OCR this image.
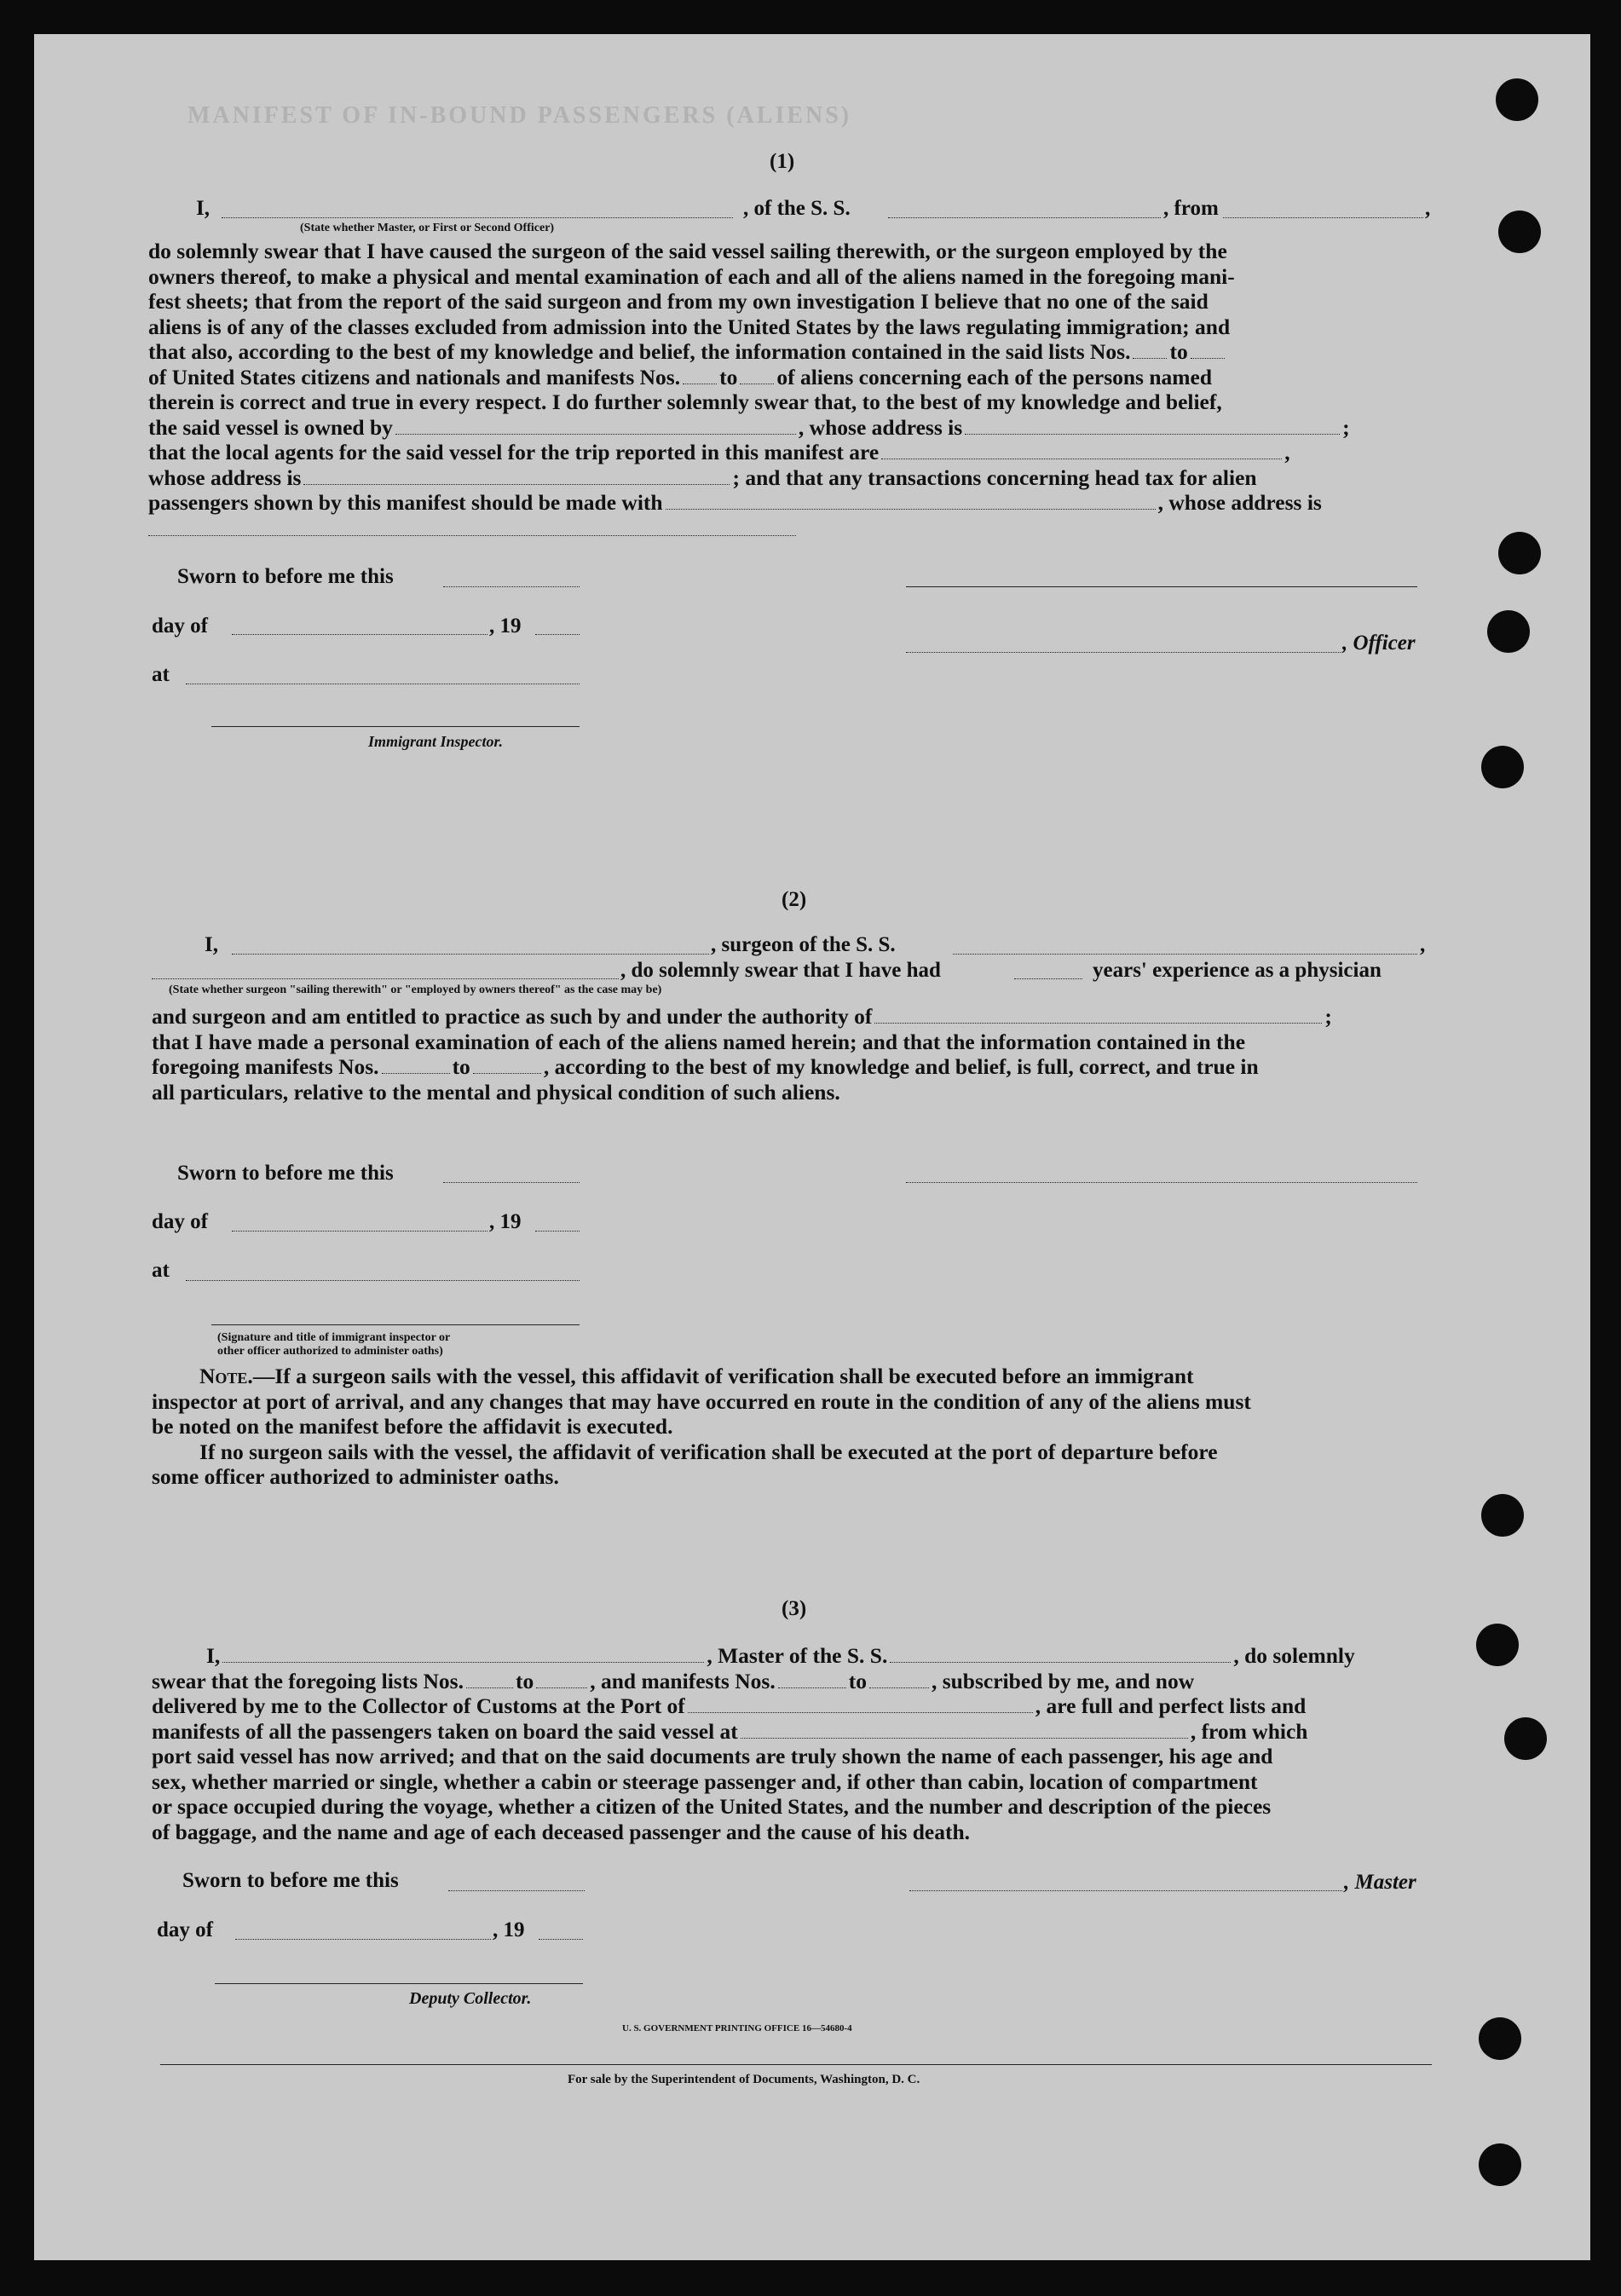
MANIFEST OF IN-BOUND PASSENGERS (ALIENS)
(1)
I,	, of the S. S.	, from	,
(State whether Master, or First or Second Officer)
do solemnly swear that I have caused the surgeon of the said vessel sailing therewith, or the surgeon employed by the
owners thereof, to make a physical and mental examination of each and all of the aliens named in the foregoing mani-
fest sheets; that from the report of the said surgeon and from my own investigation I believe that no one of the said
aliens is of any of the classes excluded from admission into the United States by the laws regulating immigration; and
that also, according to the best of my knowledge and belief, the information contained in the said lists Nos. to
of United States citizens and nationals and manifests Nos. to of aliens concerning each of the persons named
therein is correct and true in every respect. I do further solemnly swear that, to the best of my knowledge and belief,
the said vessel is owned by	, whose address is	;
that the local agents for the said vessel for the trip reported in this manifest are	,
whose address is	; and that any transactions concerning head tax for alien
passengers shown by this manifest should be made with	, whose address is
Sworn to before me this
day of	, 19
, Officer
at
Immigrant Inspector.
(2)
I,	, surgeon of the S. S.	,
, do solemnly swear that I have had	years' experience as a physician
(State whether surgeon "sailing therewith" or "employed by owners thereof" as the case may be)
and surgeon and am entitled to practice as such by and under the authority of	;
that I have made a personal examination of each of the aliens named herein; and that the information contained in the
foregoing manifests Nos.	to	, according to the best of my knowledge and belief, is full, correct, and true in
all particulars, relative to the mental and physical condition of such aliens.
Sworn to before me this
day of	, 19
at
(Signature and title of immigrant inspector or
other officer authorized to administer oaths)
Note.—If a surgeon sails with the vessel, this affidavit of verification shall be executed before an immigrant
inspector at port of arrival, and any changes that may have occurred en route in the condition of any of the aliens must
be noted on the manifest before the affidavit is executed.
If no surgeon sails with the vessel, the affidavit of verification shall be executed at the port of departure before
some officer authorized to administer oaths.
(3)
I,	, Master of the S. S.	, do solemnly
swear that the foregoing lists Nos. to	, and manifests Nos.	to	, subscribed by me, and now
delivered by me to the Collector of Customs at the Port of	, are full and perfect lists and
manifests of all the passengers taken on board the said vessel at	, from which
port said vessel has now arrived; and that on the said documents are truly shown the name of each passenger, his age and
sex, whether married or single, whether a cabin or steerage passenger and, if other than cabin, location of compartment
or space occupied during the voyage, whether a citizen of the United States, and the number and description of the pieces
of baggage, and the name and age of each deceased passenger and the cause of his death.
Sworn to before me this	, Master
day of	, 19
Deputy Collector.
U. S. GOVERNMENT PRINTING OFFICE 16—54680-4
For sale by the Superintendent of Documents, Washington, D. C.
